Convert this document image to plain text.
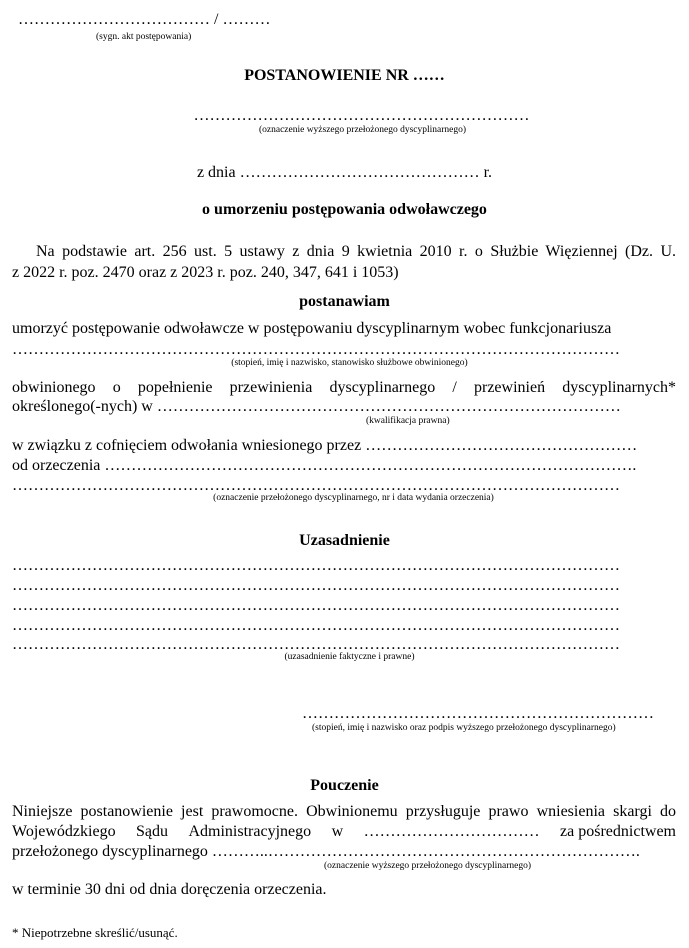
……………………………… / ………
(sygn. akt postępowania)
POSTANOWIENIE NR ……
………………………………………………………
(oznaczenie wyższego przełożonego dyscyplinarnego)
z dnia ……………………………………… r.
o umorzeniu postępowania odwoławczego
Na podstawie art. 256 ust. 5 ustawy z dnia 9 kwietnia 2010 r. o Służbie Więziennej (Dz. U.
z 2022 r. poz. 2470 oraz z 2023 r. poz. 240, 347, 641 i 1053)
postanawiam
umorzyć postępowanie odwoławcze w postępowaniu dyscyplinarnym wobec funkcjonariusza
……………………………………………………………………………………………………
(stopień, imię i nazwisko, stanowisko służbowe obwinionego)
obwinionego o popełnienie przewinienia dyscyplinarnego / przewinień dyscyplinarnych*
określonego(-nych) w ……………………………………………………………………………
(kwalifikacja prawna)
w związku z cofnięciem odwołania wniesionego przez ……………………………………………
od orzeczenia ……………………………………………………………………………………….
……………………………………………………………………………………………………
(oznaczenie przełożonego dyscyplinarnego, nr i data wydania orzeczenia)
Uzasadnienie
……………………………………………………………………………………………………
……………………………………………………………………………………………………
……………………………………………………………………………………………………
……………………………………………………………………………………………………
……………………………………………………………………………………………………
(uzasadnienie faktyczne i prawne)
…………………………………………………………
(stopień, imię i nazwisko oraz podpis wyższego przełożonego dyscyplinarnego)
Pouczenie
Niniejsze postanowienie jest prawomocne. Obwinionemu przysługuje prawo wniesienia skargi do
Wojewódzkiego Sądu Administracyjnego w …………………………… za pośrednictwem
przełożonego dyscyplinarnego ………..…………………………………………………………….
(oznaczenie wyższego przełożonego dyscyplinarnego)
w terminie 30 dni od dnia doręczenia orzeczenia.
* Niepotrzebne skreślić/usunąć.
